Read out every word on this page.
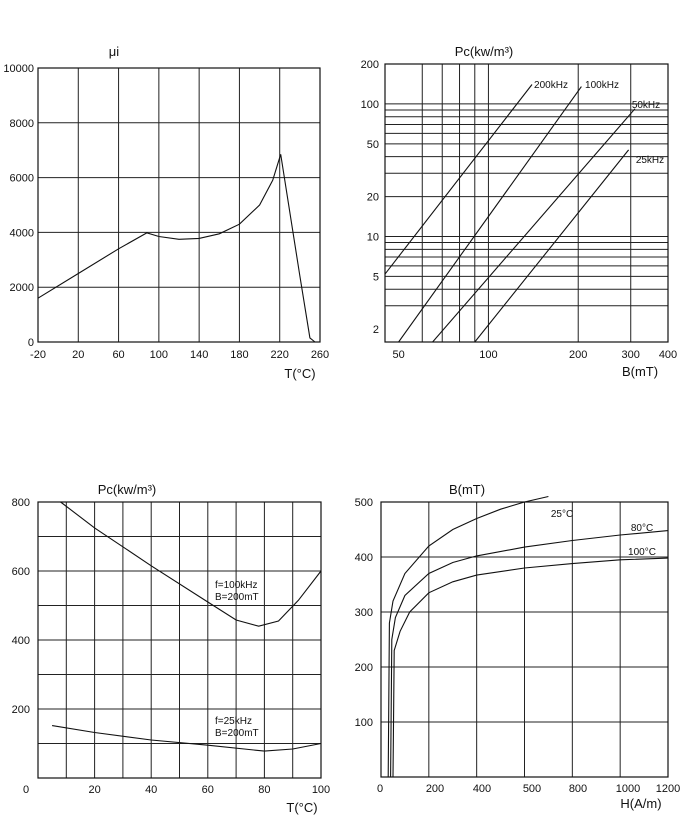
-20 20	60 100 140 180 220 260
0
2000
4000
6000
8000
10000
μi
T(°C)
50	100	200	300 400
2
5
10
20
50
100
200
Pc(kw/m³)
B(mT)
200kHz 100kHz
50kHz
25kHz
0	20	40	60	80	100
200
400
600
800
Pc(kw/m³)
T(°C)
f=100kHz
B=200mT
f=25kHz
B=200mT
0	200	400	500	800	1000 1200
100
200
300
400
500
B(mT)
H(A/m)
25°C
80°C
100°C
